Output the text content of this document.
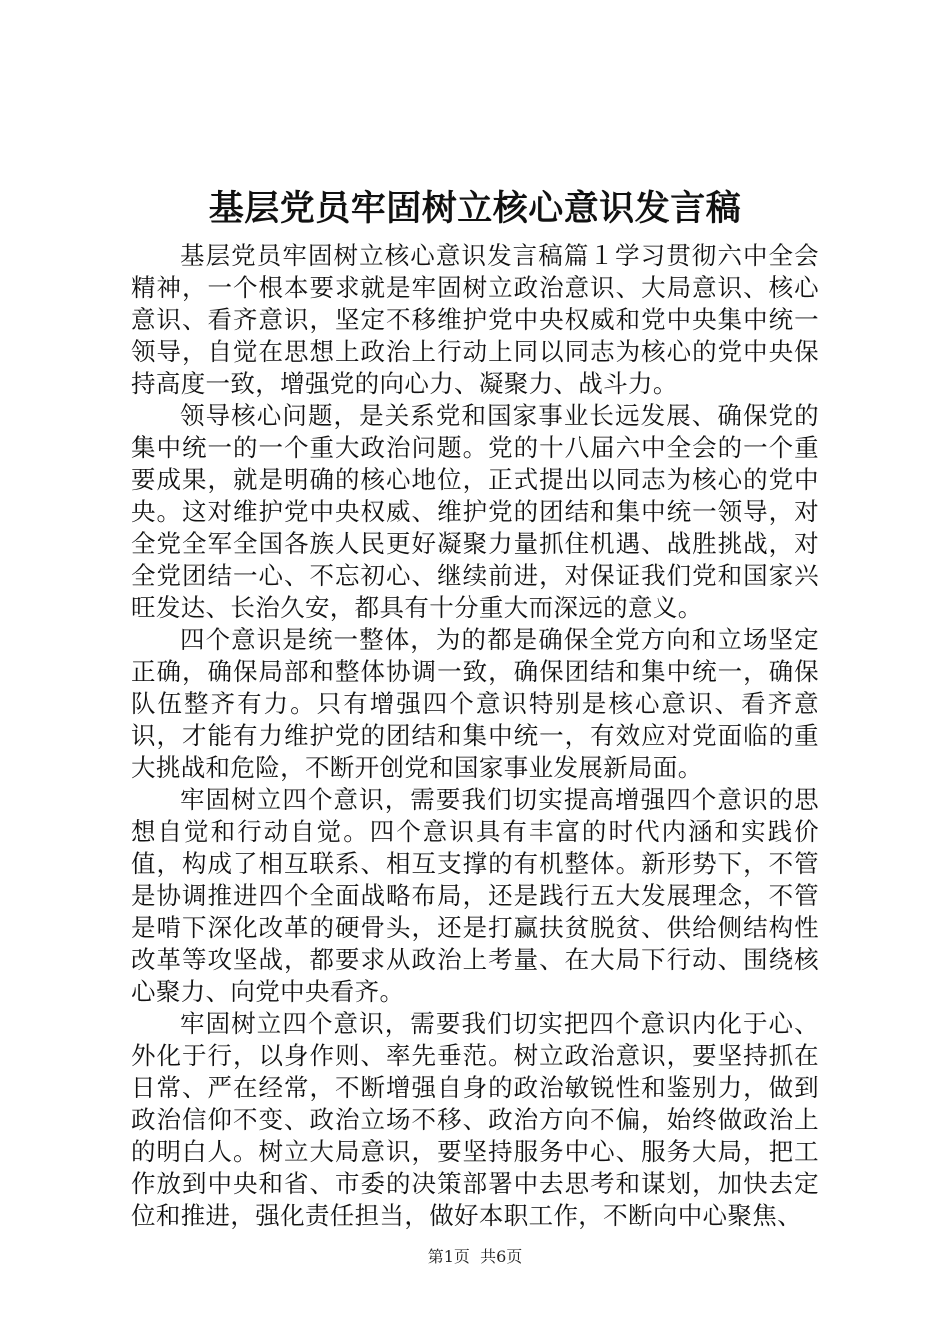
基层党员牢固树立核心意识发言稿

基层党员牢固树立核心意识发言稿篇１学习贯彻六中全会精神，一个根本要求就是牢固树立政治意识、大局意识、核心意识、看齐意识，坚定不移维护党中央权威和党中央集中统一领导，自觉在思想上政治上行动上同以同志为核心的党中央保持高度一致，增强党的向心力、凝聚力、战斗力。

领导核心问题，是关系党和国家事业长远发展、确保党的集中统一的一个重大政治问题。党的十八届六中全会的一个重要成果，就是明确的核心地位，正式提出以同志为核心的党中央。这对维护党中央权威、维护党的团结和集中统一领导，对全党全军全国各族人民更好凝聚力量抓住机遇、战胜挑战，对全党团结一心、不忘初心、继续前进，对保证我们党和国家兴旺发达、长治久安，都具有十分重大而深远的意义。

四个意识是统一整体，为的都是确保全党方向和立场坚定正确，确保局部和整体协调一致，确保团结和集中统一，确保队伍整齐有力。只有增强四个意识特别是核心意识、看齐意识，才能有力维护党的团结和集中统一，有效应对党面临的重大挑战和危险，不断开创党和国家事业发展新局面。

牢固树立四个意识，需要我们切实提高增强四个意识的思想自觉和行动自觉。四个意识具有丰富的时代内涵和实践价值，构成了相互联系、相互支撑的有机整体。新形势下，不管是协调推进四个全面战略布局，还是践行五大发展理念，不管是啃下深化改革的硬骨头，还是打赢扶贫脱贫、供给侧结构性改革等攻坚战，都要求从政治上考量、在大局下行动、围绕核心聚力、向党中央看齐。

牢固树立四个意识，需要我们切实把四个意识内化于心、外化于行，以身作则、率先垂范。树立政治意识，要坚持抓在日常、严在经常，不断增强自身的政治敏锐性和鉴别力，做到政治信仰不变、政治立场不移、政治方向不偏，始终做政治上的明白人。树立大局意识，要坚持服务中心、服务大局，把工作放到中央和省、市委的决策部署中去思考和谋划，加快去定位和推进，强化责任担当，做好本职工作，不断向中心聚焦、

第1页  共6页
